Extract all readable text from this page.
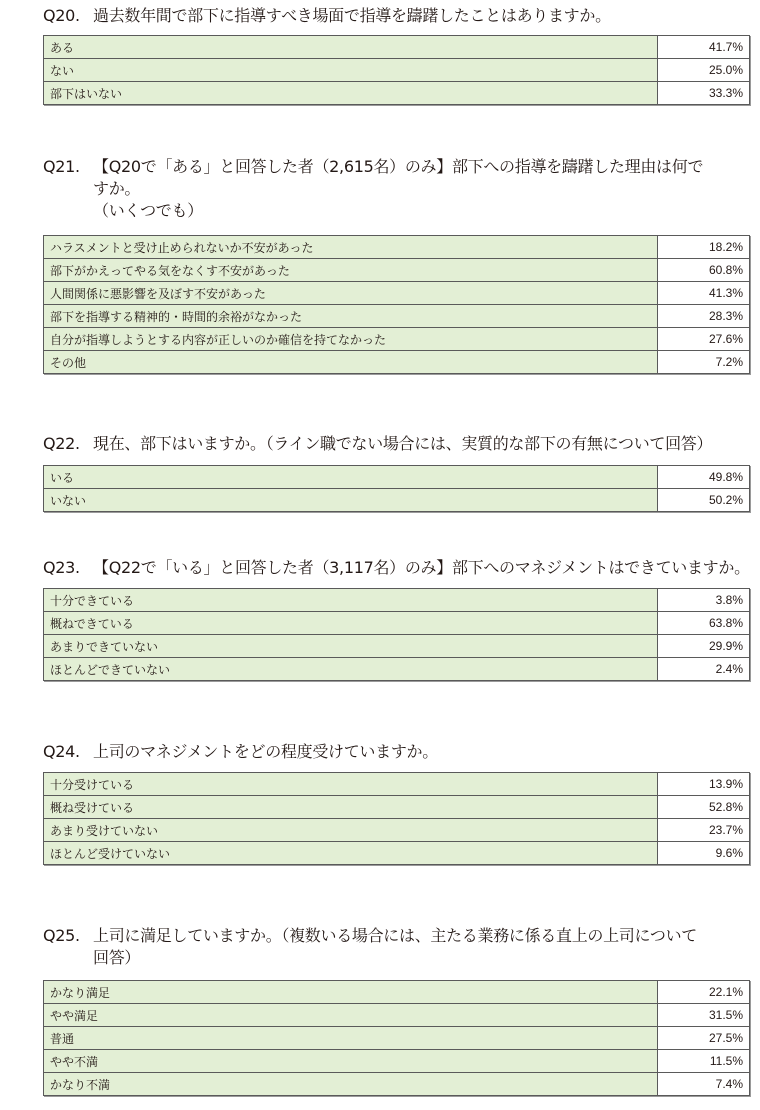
Q20. 過去数年間で部下に指導すべき場面で指導を躊躇したことはありますか。
ある	41.7%
ない	25.0%
部下はいない	33.3%
Q21. 【Q20で「ある」と回答した者（2,615名）のみ】部下への指導を躊躇した理由は何で
すか。
（いくつでも）
ハラスメントと受け止められないか不安があった	18.2%
部下がかえってやる気をなくす不安があった	60.8%
人間関係に悪影響を及ぼす不安があった	41.3%
部下を指導する精神的・時間的余裕がなかった	28.3%
自分が指導しようとする内容が正しいのか確信を持てなかった	27.6%
その他	7.2%
Q22. 現在、部下はいますか。（ライン職でない場合には、実質的な部下の有無について回答）
いる	49.8%
いない	50.2%
Q23. 【Q22で「いる」と回答した者（3,117名）のみ】部下へのマネジメントはできていますか。
十分できている	3.8%
概ねできている	63.8%
あまりできていない	29.9%
ほとんどできていない	2.4%
Q24. 上司のマネジメントをどの程度受けていますか。
十分受けている	13.9%
概ね受けている	52.8%
あまり受けていない	23.7%
ほとんど受けていない	9.6%
Q25. 上司に満足していますか。（複数いる場合には、主たる業務に係る直上の上司について
回答）
かなり満足	22.1%
やや満足	31.5%
普通	27.5%
やや不満	11.5%
かなり不満	7.4%
